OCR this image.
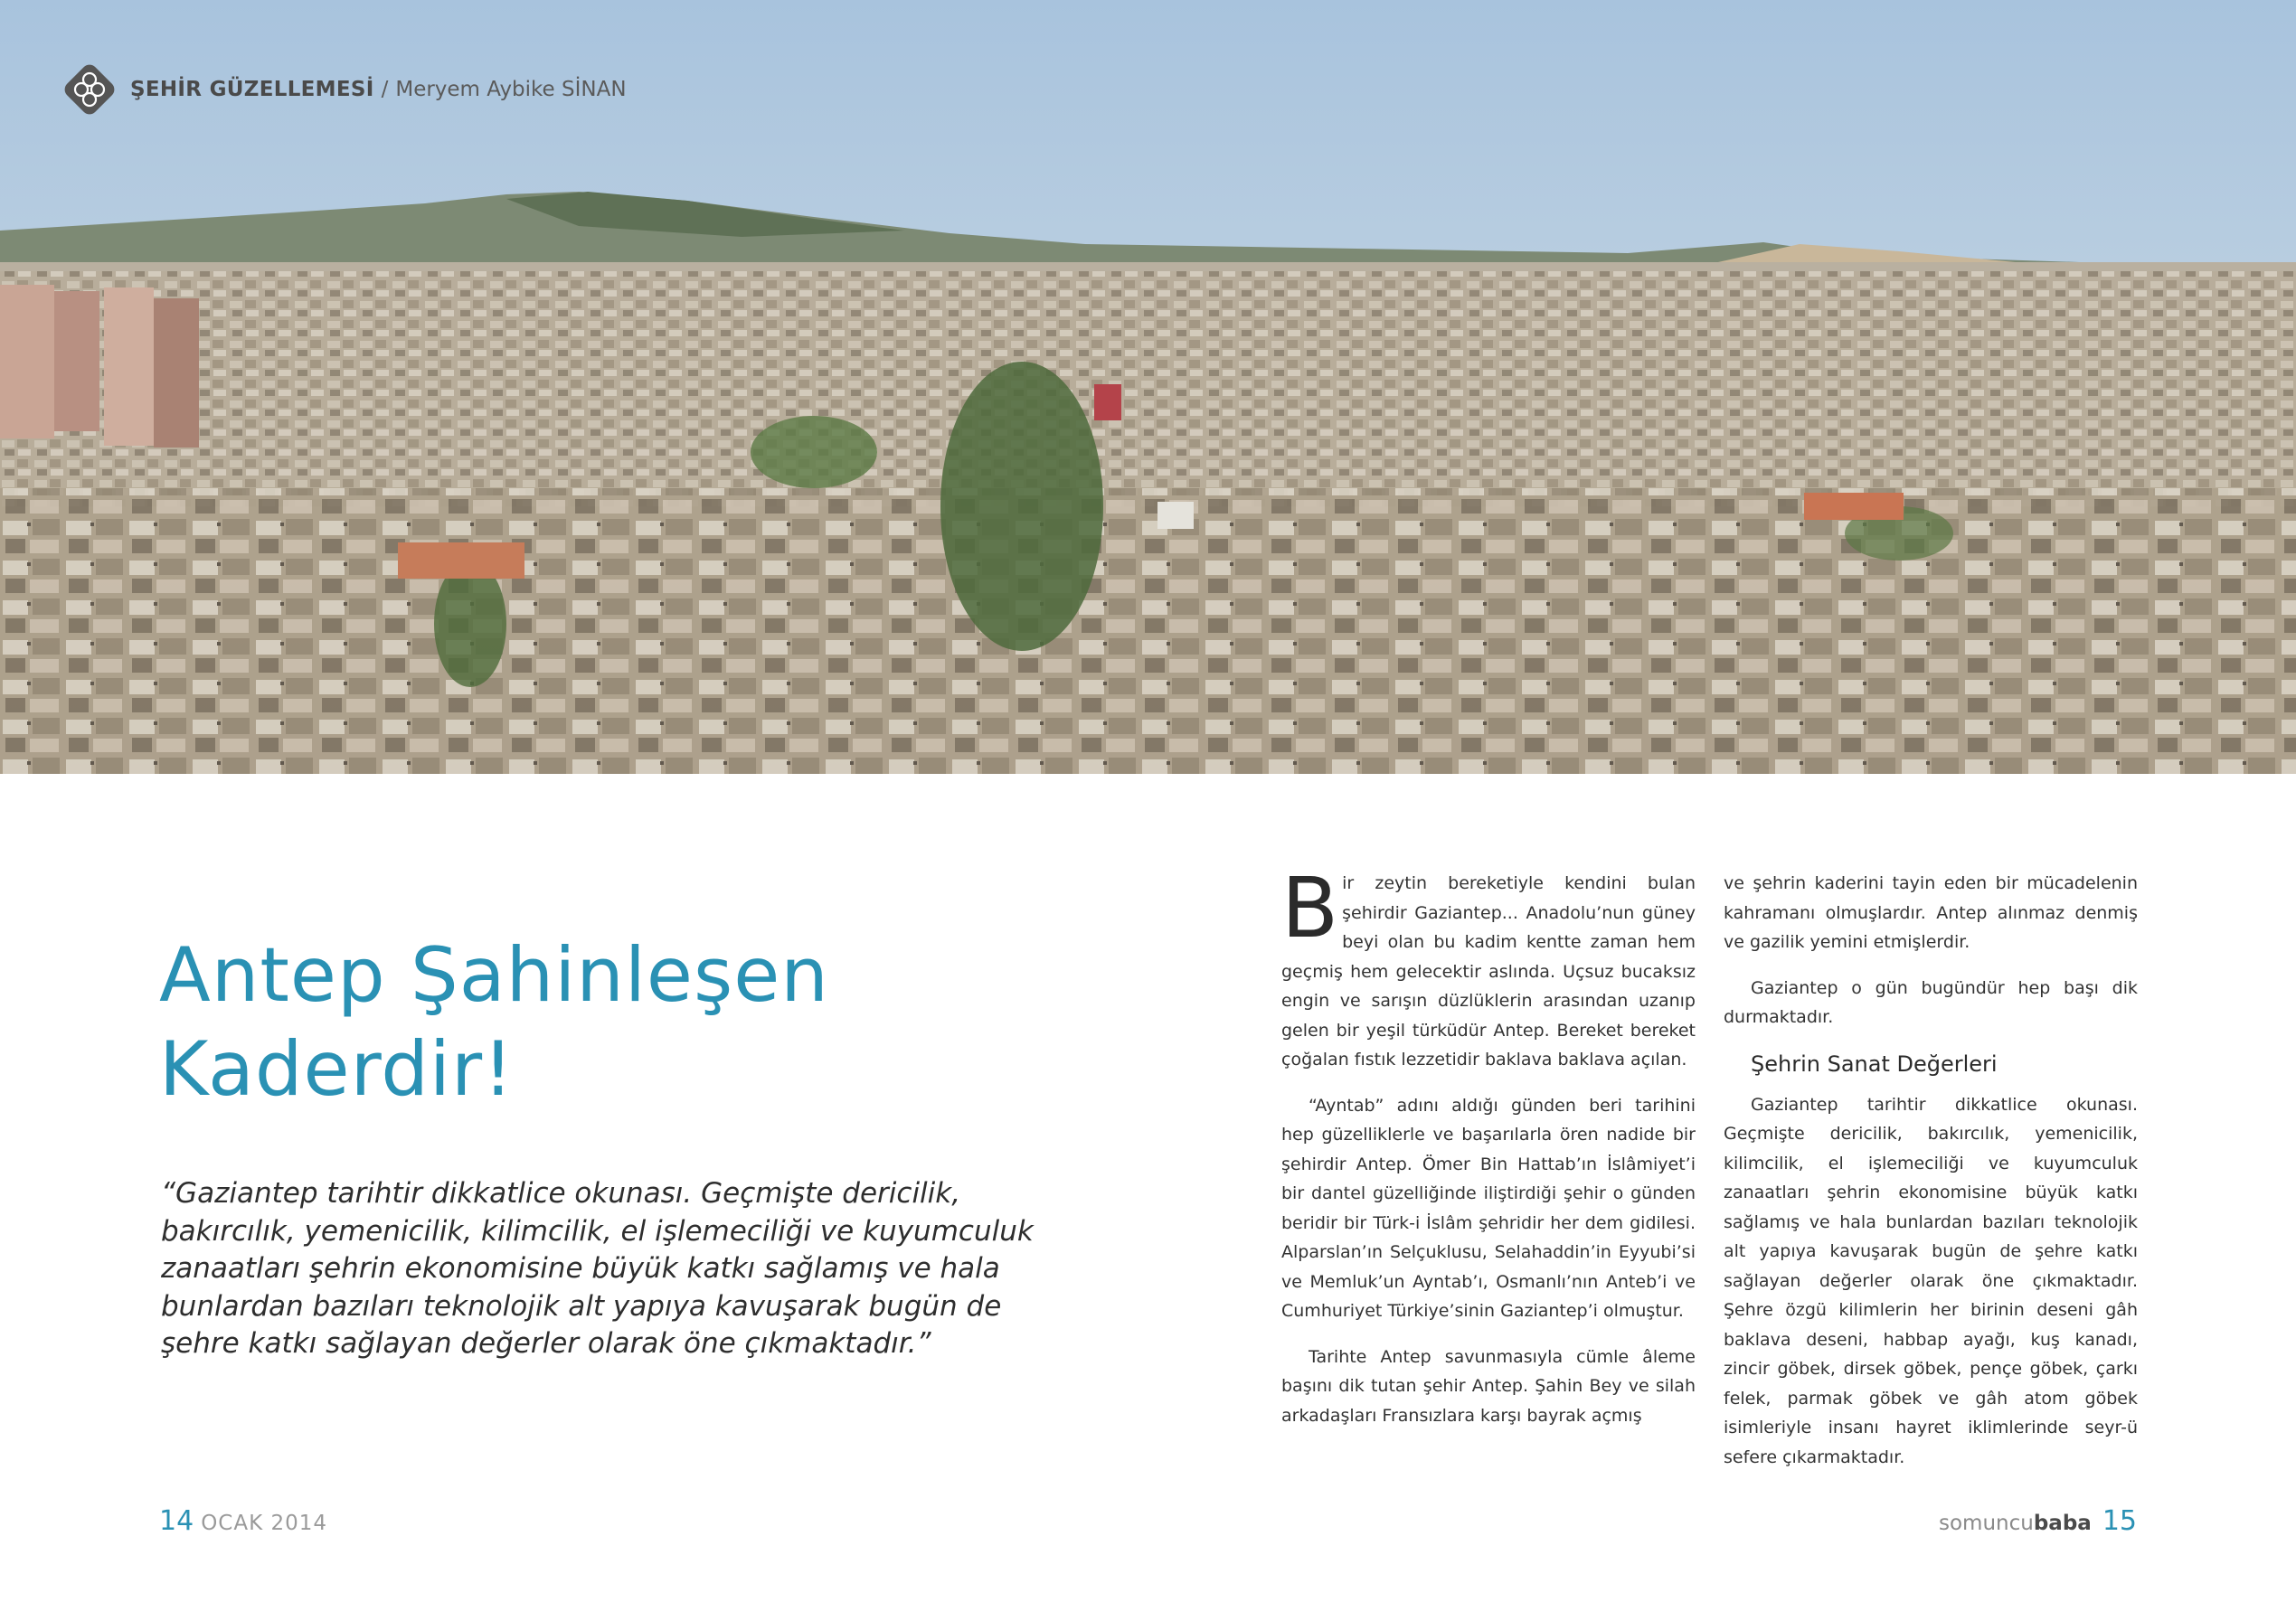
ŞEHİR GÜZELLEMESİ / Meryem Aybike SİNAN
Antep Şahinleşen
Kaderdir!

“Gaziantep tarihtir dikkatlice okunası. Geçmişte dericilik,
bakırcılık, yemenicilik, kilimcilik, el işlemeciliği ve kuyumculuk
zanaatları şehrin ekonomisine büyük katkı sağlamış ve hala
bunlardan bazıları teknolojik alt yapıya kavuşarak bugün de
şehre katkı sağlayan değerler olarak öne çıkmaktadır.”

Bir zeytin bereketiyle kendini bulan şehirdir Gaziantep... Anadolu’nun güney beyi olan bu kadim kentte zaman hem geçmiş hem gelecektir aslında. Uçsuz bucaksız engin ve sarışın düzlüklerin arasından uzanıp gelen bir yeşil türküdür Antep. Bereket bereket çoğalan fıstık lezzetidir baklava baklava açılan.

“Ayntab” adını aldığı günden beri tarihini hep güzelliklerle ve başarılarla ören nadide bir şehirdir Antep. Ömer Bin Hattab’ın İslâmiyet’i bir dantel güzelliğinde iliştirdiği şehir o günden beridir bir Türk-i İslâm şehridir her dem gidilesi. Alparslan’ın Selçuklusu, Selahaddin’in Eyyubi’si ve Memluk’un Ayntab’ı, Osmanlı’nın Anteb’i ve Cumhuriyet Türkiye’sinin Gaziantep’i olmuştur.

Tarihte Antep savunmasıyla cümle âleme başını dik tutan şehir Antep. Şahin Bey ve silah arkadaşları Fransızlara karşı bayrak açmış

ve şehrin kaderini tayin eden bir mücadelenin kahramanı olmuşlardır. Antep alınmaz denmiş ve gazilik yemini etmişlerdir.

Gaziantep o gün bugündür hep başı dik durmaktadır.

Şehrin Sanat Değerleri

Gaziantep tarihtir dikkatlice okunası. Geçmişte dericilik, bakırcılık, yemenicilik, kilimcilik, el işlemeciliği ve kuyumculuk zanaatları şehrin ekonomisine büyük katkı sağlamış ve hala bunlardan bazıları teknolojik alt yapıya kavuşarak bugün de şehre katkı sağlayan değerler olarak öne çıkmaktadır. Şehre özgü kilimlerin her birinin deseni gâh baklava deseni, habbap ayağı, kuş kanadı, zincir göbek, dirsek göbek, pençe göbek, çarkı felek, parmak göbek ve gâh atom göbek isimleriyle insanı hayret iklimlerinde seyr-ü sefere çıkarmaktadır.

14 OCAK 2014	somuncubaba 15
